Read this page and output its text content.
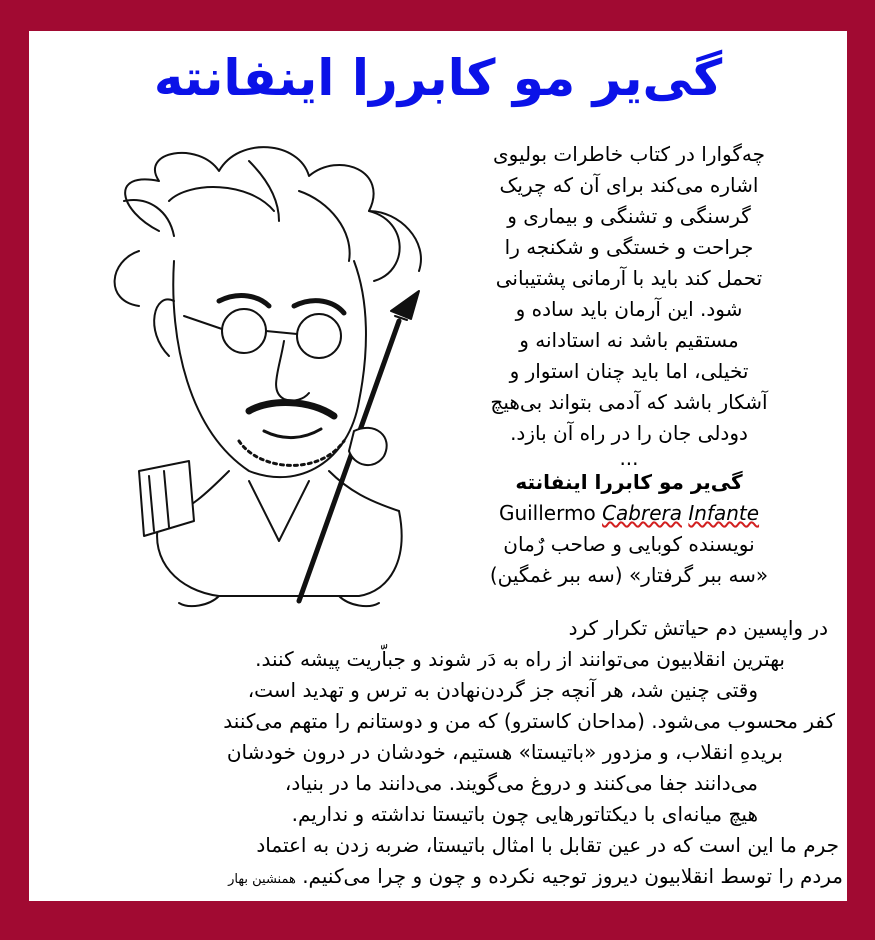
گی‌یر مو کابررا اینفانته
چه‌گوارا در کتاب خاطرات بولیوی
اشاره می‌کند برای آن که چریک
گرسنگی و تشنگی و بیماری و
جراحت و خستگی و شکنجه را
تحمل کند باید با آرمانی پشتیبانی
شود. این آرمان باید ساده و
مستقیم باشد نه استادانه و
تخیلی، اما باید چنان استوار و
آشکار باشد که آدمی بتواند بی‌هیچ
دودلی جان را در راه آن بازد.
...
گی‌یر مو کابررا اینفانته
Guillermo Cabrera Infante
نویسنده کوبایی و صاحب رٌمان
«سه ببر گرفتار» (سه ببر غمگین)
در واپسین دم حیاتش تکرار کرد
بهترین انقلابیون می‌توانند از راه به دَر شوند و جباّریت پیشه کنند.
وقتی چنین شد، هر آنچه جز گردن‌نهادن به ترس و تهدید است،
کفر محسوب می‌شود. (مداحان کاسترو) که من و دوستانم را متهم می‌کنند
بریدهِ انقلاب، و مزدور «باتیستا» هستیم، خودشان در درون خودشان
می‌دانند جفا می‌کنند و دروغ می‌گویند. می‌دانند ما در بنیاد،
هیچ میانه‌ای با دیکتاتورهایی چون باتیستا نداشته و نداریم.
جرم ما این است که در عین تقابل با امثال باتیستا، ضربه زدن به اعتماد
مردم را توسط انقلابیون دیروز توجیه نکرده و چون و چرا می‌کنیم. همنشین بهار
